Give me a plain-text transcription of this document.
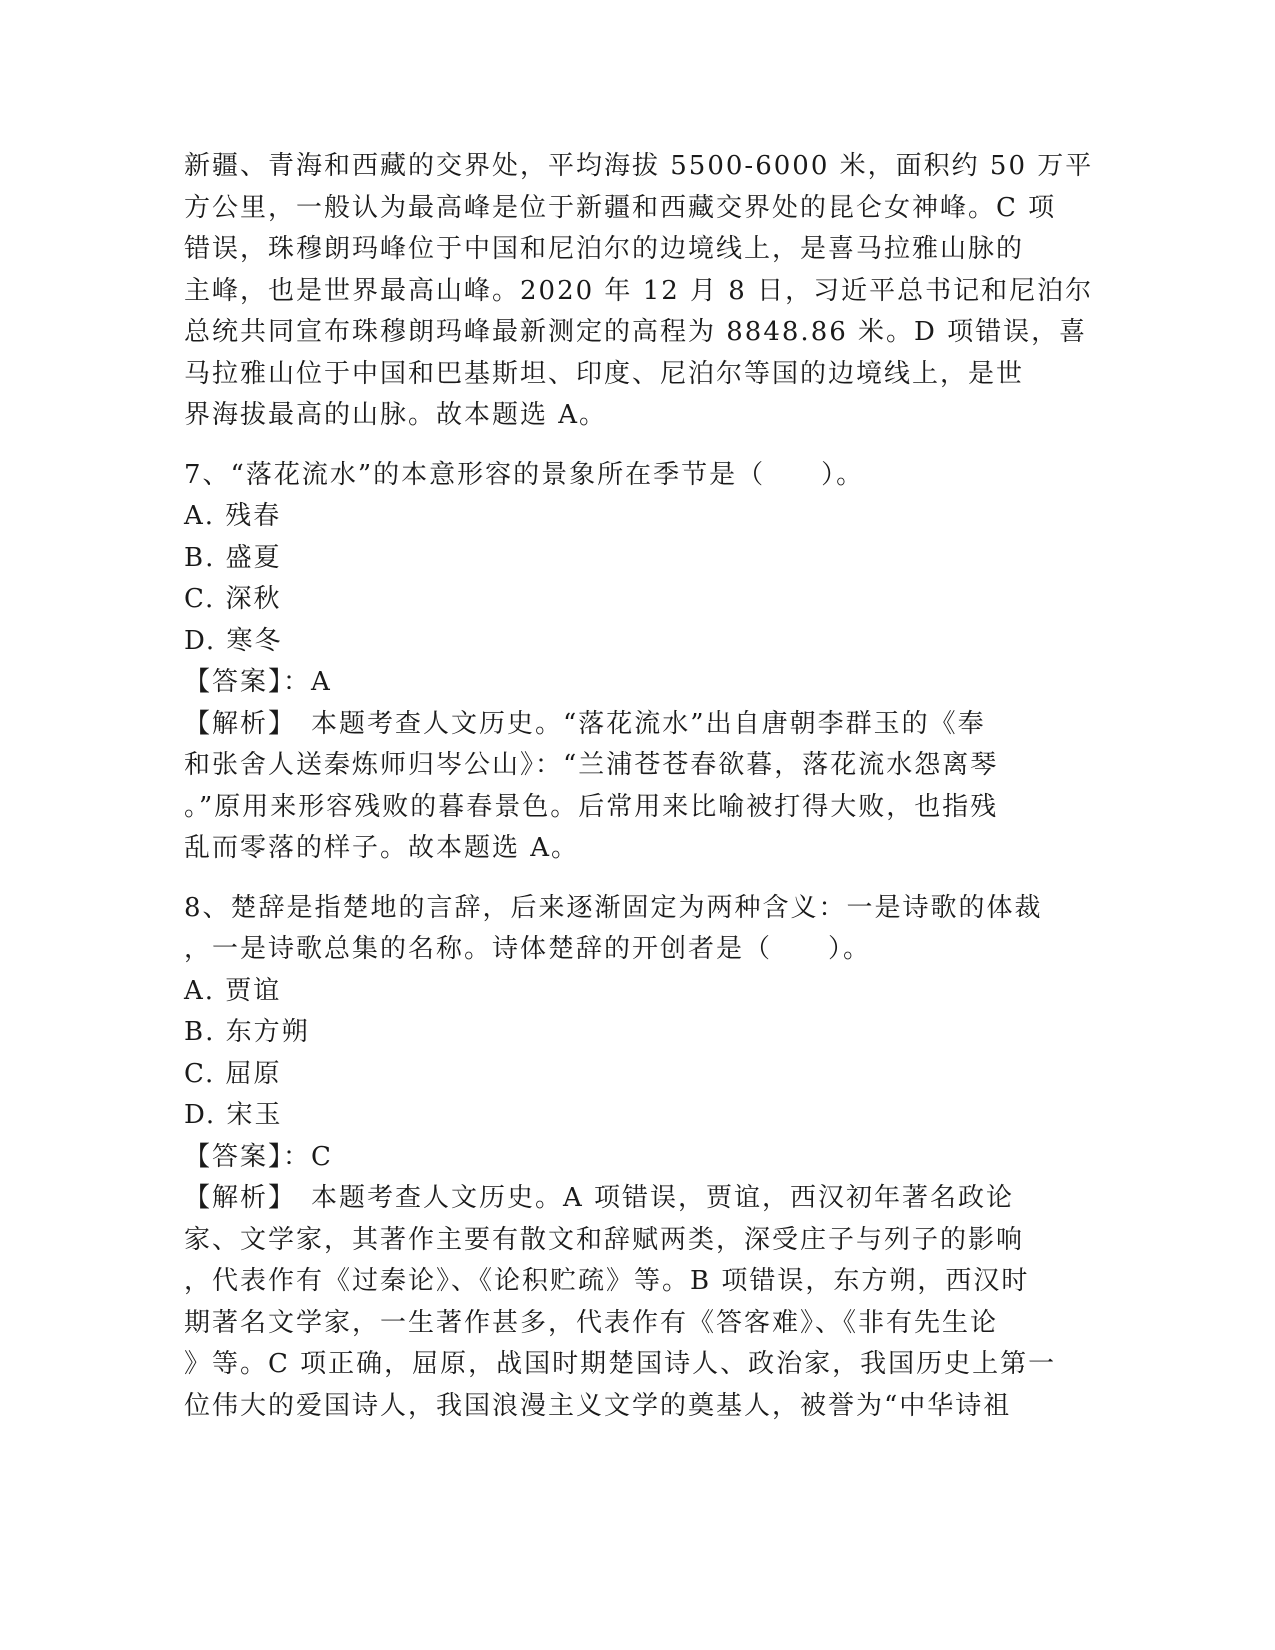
新疆、青海和西藏的交界处，平均海拔 5500-6000 米，面积约 50 万平

方公里，一般认为最高峰是位于新疆和西藏交界处的昆仑女神峰。C 项

错误，珠穆朗玛峰位于中国和尼泊尔的边境线上，是喜马拉雅山脉的

主峰，也是世界最高山峰。2020 年 12 月 8 日，习近平总书记和尼泊尔

总统共同宣布珠穆朗玛峰最新测定的高程为 8848.86 米。D 项错误，喜

马拉雅山位于中国和巴基斯坦、印度、尼泊尔等国的边境线上，是世

界海拔最高的山脉。故本题选 A。

7、“落花流水”的本意形容的景象所在季节是（　　）。

A. 残春

B. 盛夏

C. 深秋

D. 寒冬

【答案】：A

【解析】　本题考查人文历史。“落花流水”出自唐朝李群玉的《奉

和张舍人送秦炼师归岑公山》：“兰浦苍苍春欲暮，落花流水怨离琴

。”原用来形容残败的暮春景色。后常用来比喻被打得大败，也指残

乱而零落的样子。故本题选 A。

8、楚辞是指楚地的言辞，后来逐渐固定为两种含义：一是诗歌的体裁

，一是诗歌总集的名称。诗体楚辞的开创者是（　　）。

A. 贾谊

B. 东方朔

C. 屈原

D. 宋玉

【答案】：C

【解析】　本题考查人文历史。A 项错误，贾谊，西汉初年著名政论

家、文学家，其著作主要有散文和辞赋两类，深受庄子与列子的影响

，代表作有《过秦论》、《论积贮疏》等。B 项错误，东方朔，西汉时

期著名文学家，一生著作甚多，代表作有《答客难》、《非有先生论

》等。C 项正确，屈原，战国时期楚国诗人、政治家，我国历史上第一

位伟大的爱国诗人，我国浪漫主义文学的奠基人，被誉为“中华诗祖
